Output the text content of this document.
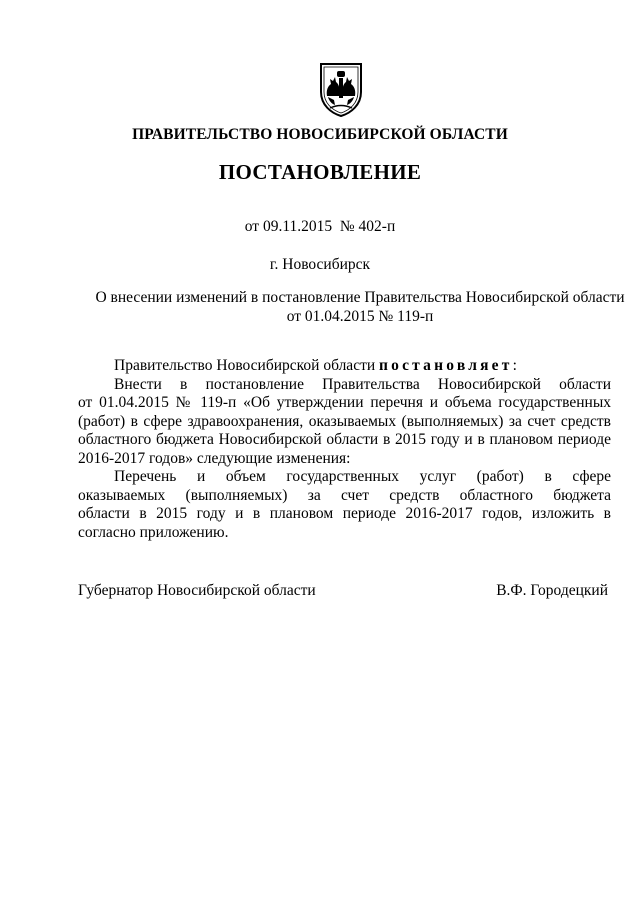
ПРАВИТЕЛЬСТВО НОВОСИБИРСКОЙ ОБЛАСТИ
ПОСТАНОВЛЕНИЕ
от 09.11.2015  № 402-п
г. Новосибирск
О внесении изменений в постановление Правительства Новосибирской области
от 01.04.2015 № 119-п
Правительство Новосибирской области постановляет:
Внести в постановление Правительства Новосибирской области
от 01.04.2015 № 119-п «Об утверждении перечня и объема государственных
(работ) в сфере здравоохранения, оказываемых (выполняемых) за счет средств
областного бюджета Новосибирской области в 2015 году и в плановом периоде
2016-2017 годов» следующие изменения:
Перечень и объем государственных услуг (работ) в сфере
оказываемых (выполняемых) за счет средств областного бюджета
области в 2015 году и в плановом периоде 2016-2017 годов, изложить в
согласно приложению.
Губернатор Новосибирской области	В.Ф. Городецкий
